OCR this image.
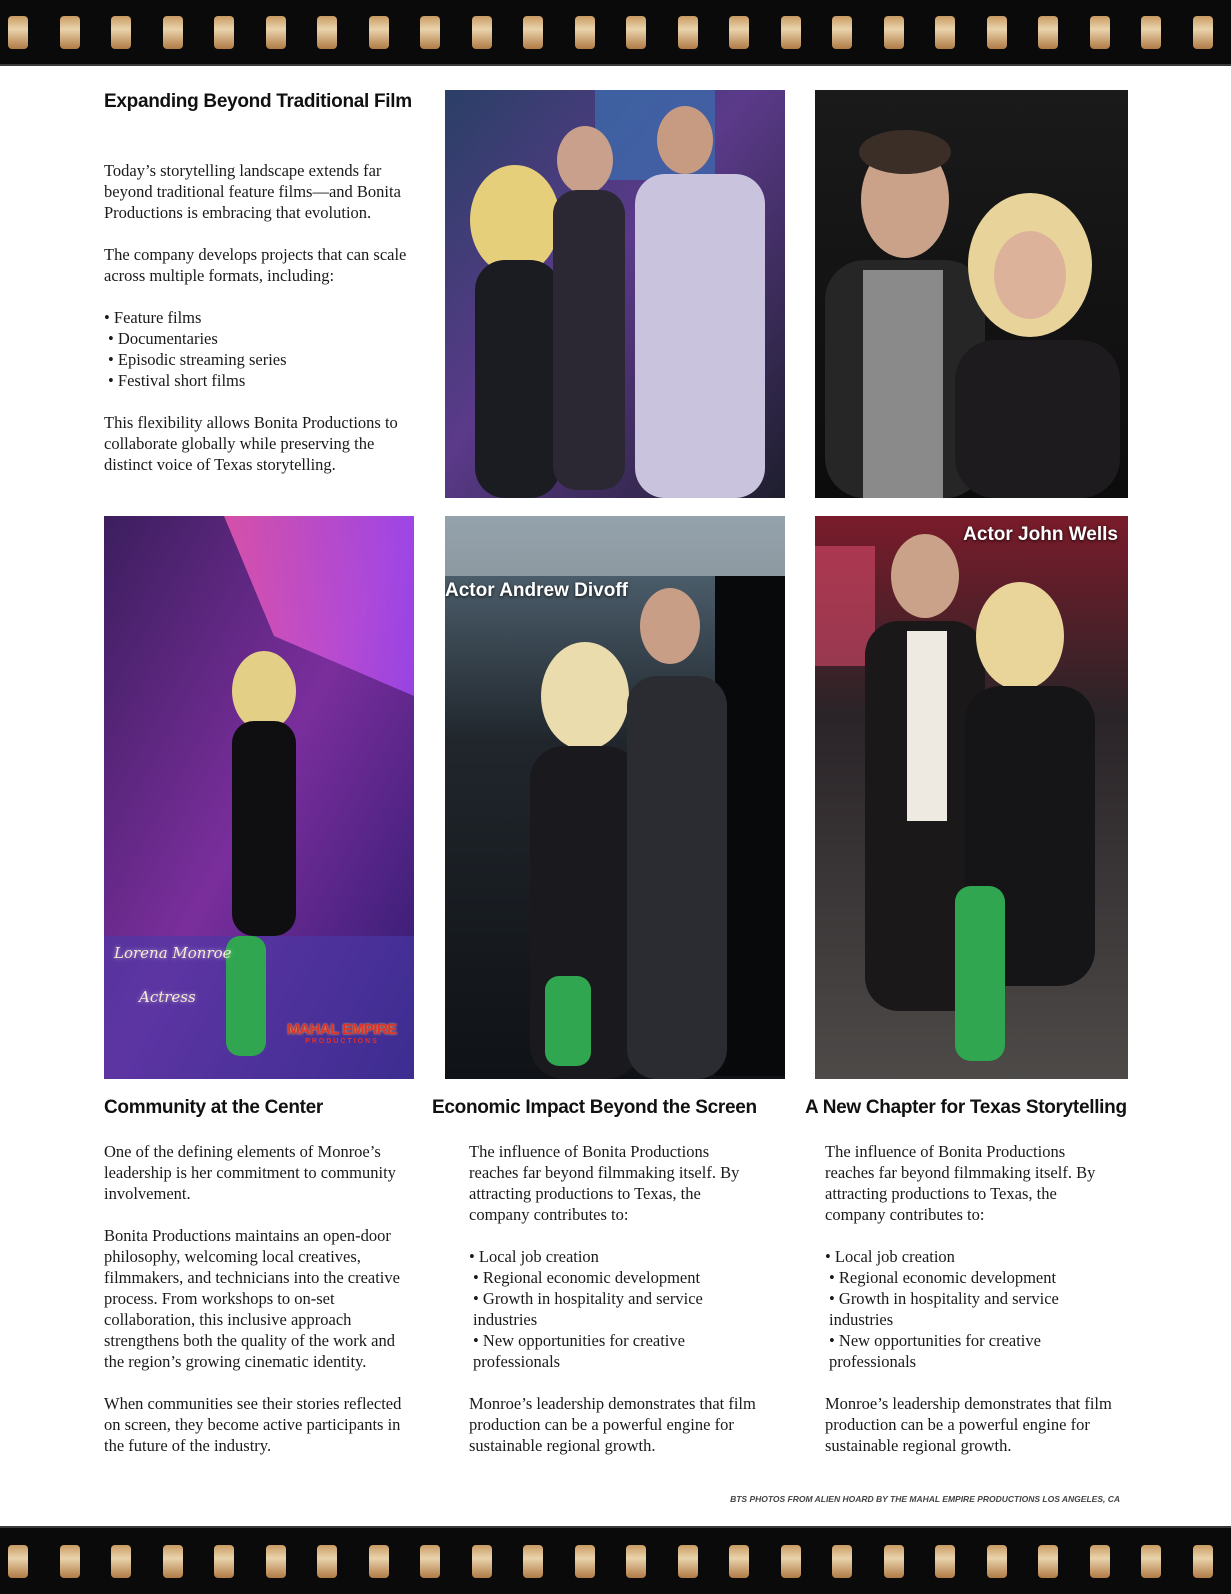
Expanding Beyond Traditional Film

Today’s storytelling landscape extends far beyond traditional feature films—and Bonita Productions is embracing that evolution.

The company develops projects that can scale across multiple formats, including:

• Feature films
• Documentaries
• Episodic streaming series
• Festival short films

This flexibility allows Bonita Productions to collaborate globally while preserving the distinct voice of Texas storytelling.

Lorena Monroe
Actress
MAHAL EMPIRE
PRODUCTIONS
Actor Andrew Divoff
Actor John Wells
Community at the Center

One of the defining elements of Monroe’s leadership is her commitment to community involvement.

Bonita Productions maintains an open-door philosophy, welcoming local creatives, filmmakers, and technicians into the creative process. From workshops to on-set collaboration, this inclusive approach strengthens both the quality of the work and the region’s growing cinematic identity.

When communities see their stories reflected on screen, they become active participants in the future of the industry.

Economic Impact Beyond the Screen

The influence of Bonita Productions reaches far beyond filmmaking itself. By attracting productions to Texas, the company contributes to:

• Local job creation
• Regional economic development
• Growth in hospitality and service industries
• New opportunities for creative professionals

Monroe’s leadership demonstrates that film production can be a powerful engine for sustainable regional growth.

A New Chapter for Texas Storytelling

The influence of Bonita Productions reaches far beyond filmmaking itself. By attracting productions to Texas, the company contributes to:

• Local job creation
• Regional economic development
• Growth in hospitality and service industries
• New opportunities for creative professionals

Monroe’s leadership demonstrates that film production can be a powerful engine for sustainable regional growth.

BTS PHOTOS FROM ALIEN HOARD BY THE MAHAL EMPIRE PRODUCTIONS LOS ANGELES, CA
